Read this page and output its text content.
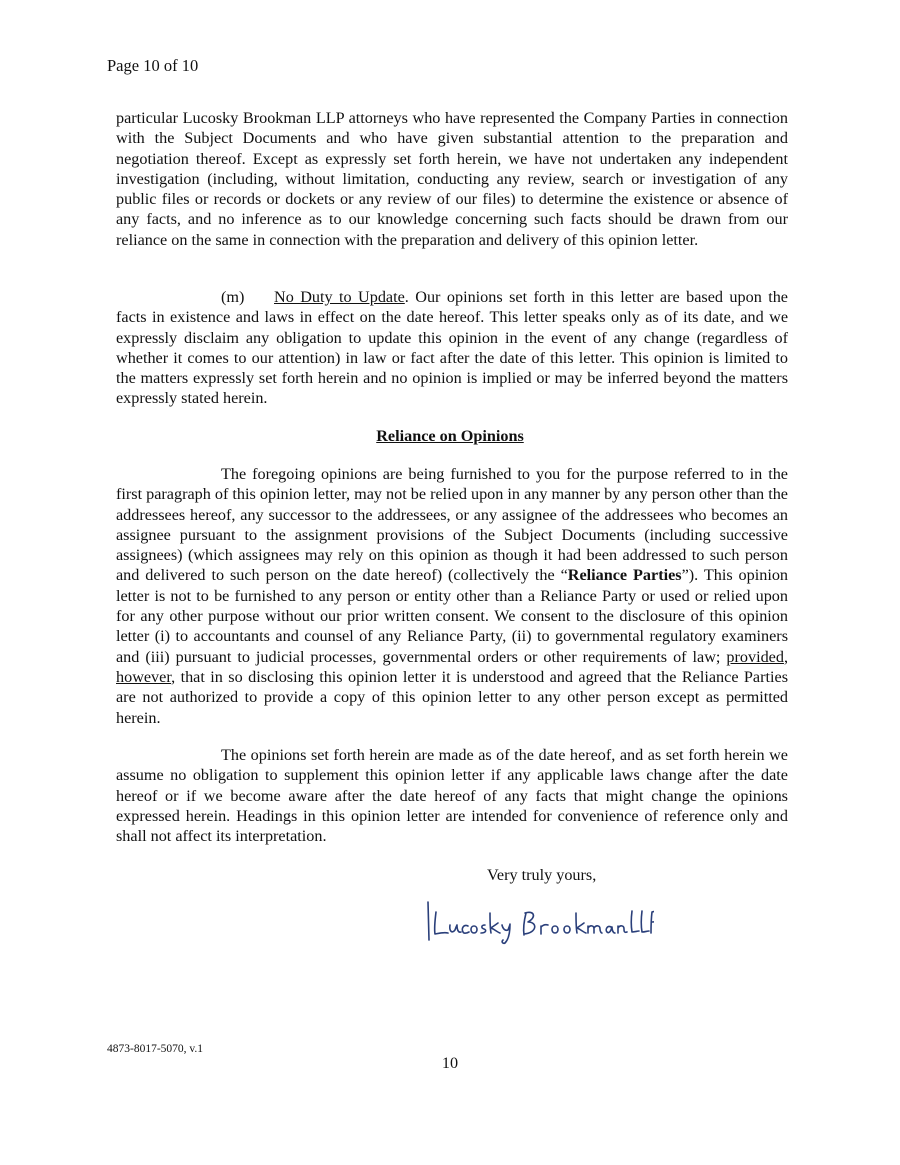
Page 10 of 10
particular Lucosky Brookman LLP attorneys who have represented the Company Parties in connection with the Subject Documents and who have given substantial attention to the preparation and negotiation thereof. Except as expressly set forth herein, we have not undertaken any independent investigation (including, without limitation, conducting any review, search or investigation of any public files or records or dockets or any review of our files) to determine the existence or absence of any facts, and no inference as to our knowledge concerning such facts should be drawn from our reliance on the same in connection with the preparation and delivery of this opinion letter.
(m) No Duty to Update. Our opinions set forth in this letter are based upon the facts in existence and laws in effect on the date hereof. This letter speaks only as of its date, and we expressly disclaim any obligation to update this opinion in the event of any change (regardless of whether it comes to our attention) in law or fact after the date of this letter. This opinion is limited to the matters expressly set forth herein and no opinion is implied or may be inferred beyond the matters expressly stated herein.
Reliance on Opinions
The foregoing opinions are being furnished to you for the purpose referred to in the first paragraph of this opinion letter, may not be relied upon in any manner by any person other than the addressees hereof, any successor to the addressees, or any assignee of the addressees who becomes an assignee pursuant to the assignment provisions of the Subject Documents (including successive assignees) (which assignees may rely on this opinion as though it had been addressed to such person and delivered to such person on the date hereof) (collectively the “Reliance Parties”). This opinion letter is not to be furnished to any person or entity other than a Reliance Party or used or relied upon for any other purpose without our prior written consent. We consent to the disclosure of this opinion letter (i) to accountants and counsel of any Reliance Party, (ii) to governmental regulatory examiners and (iii) pursuant to judicial processes, governmental orders or other requirements of law; provided, however, that in so disclosing this opinion letter it is understood and agreed that the Reliance Parties are not authorized to provide a copy of this opinion letter to any other person except as permitted herein.
The opinions set forth herein are made as of the date hereof, and as set forth herein we assume no obligation to supplement this opinion letter if any applicable laws change after the date hereof or if we become aware after the date hereof of any facts that might change the opinions expressed herein. Headings in this opinion letter are intended for convenience of reference only and shall not affect its interpretation.
Very truly yours,
4873-8017-5070, v.1
10
